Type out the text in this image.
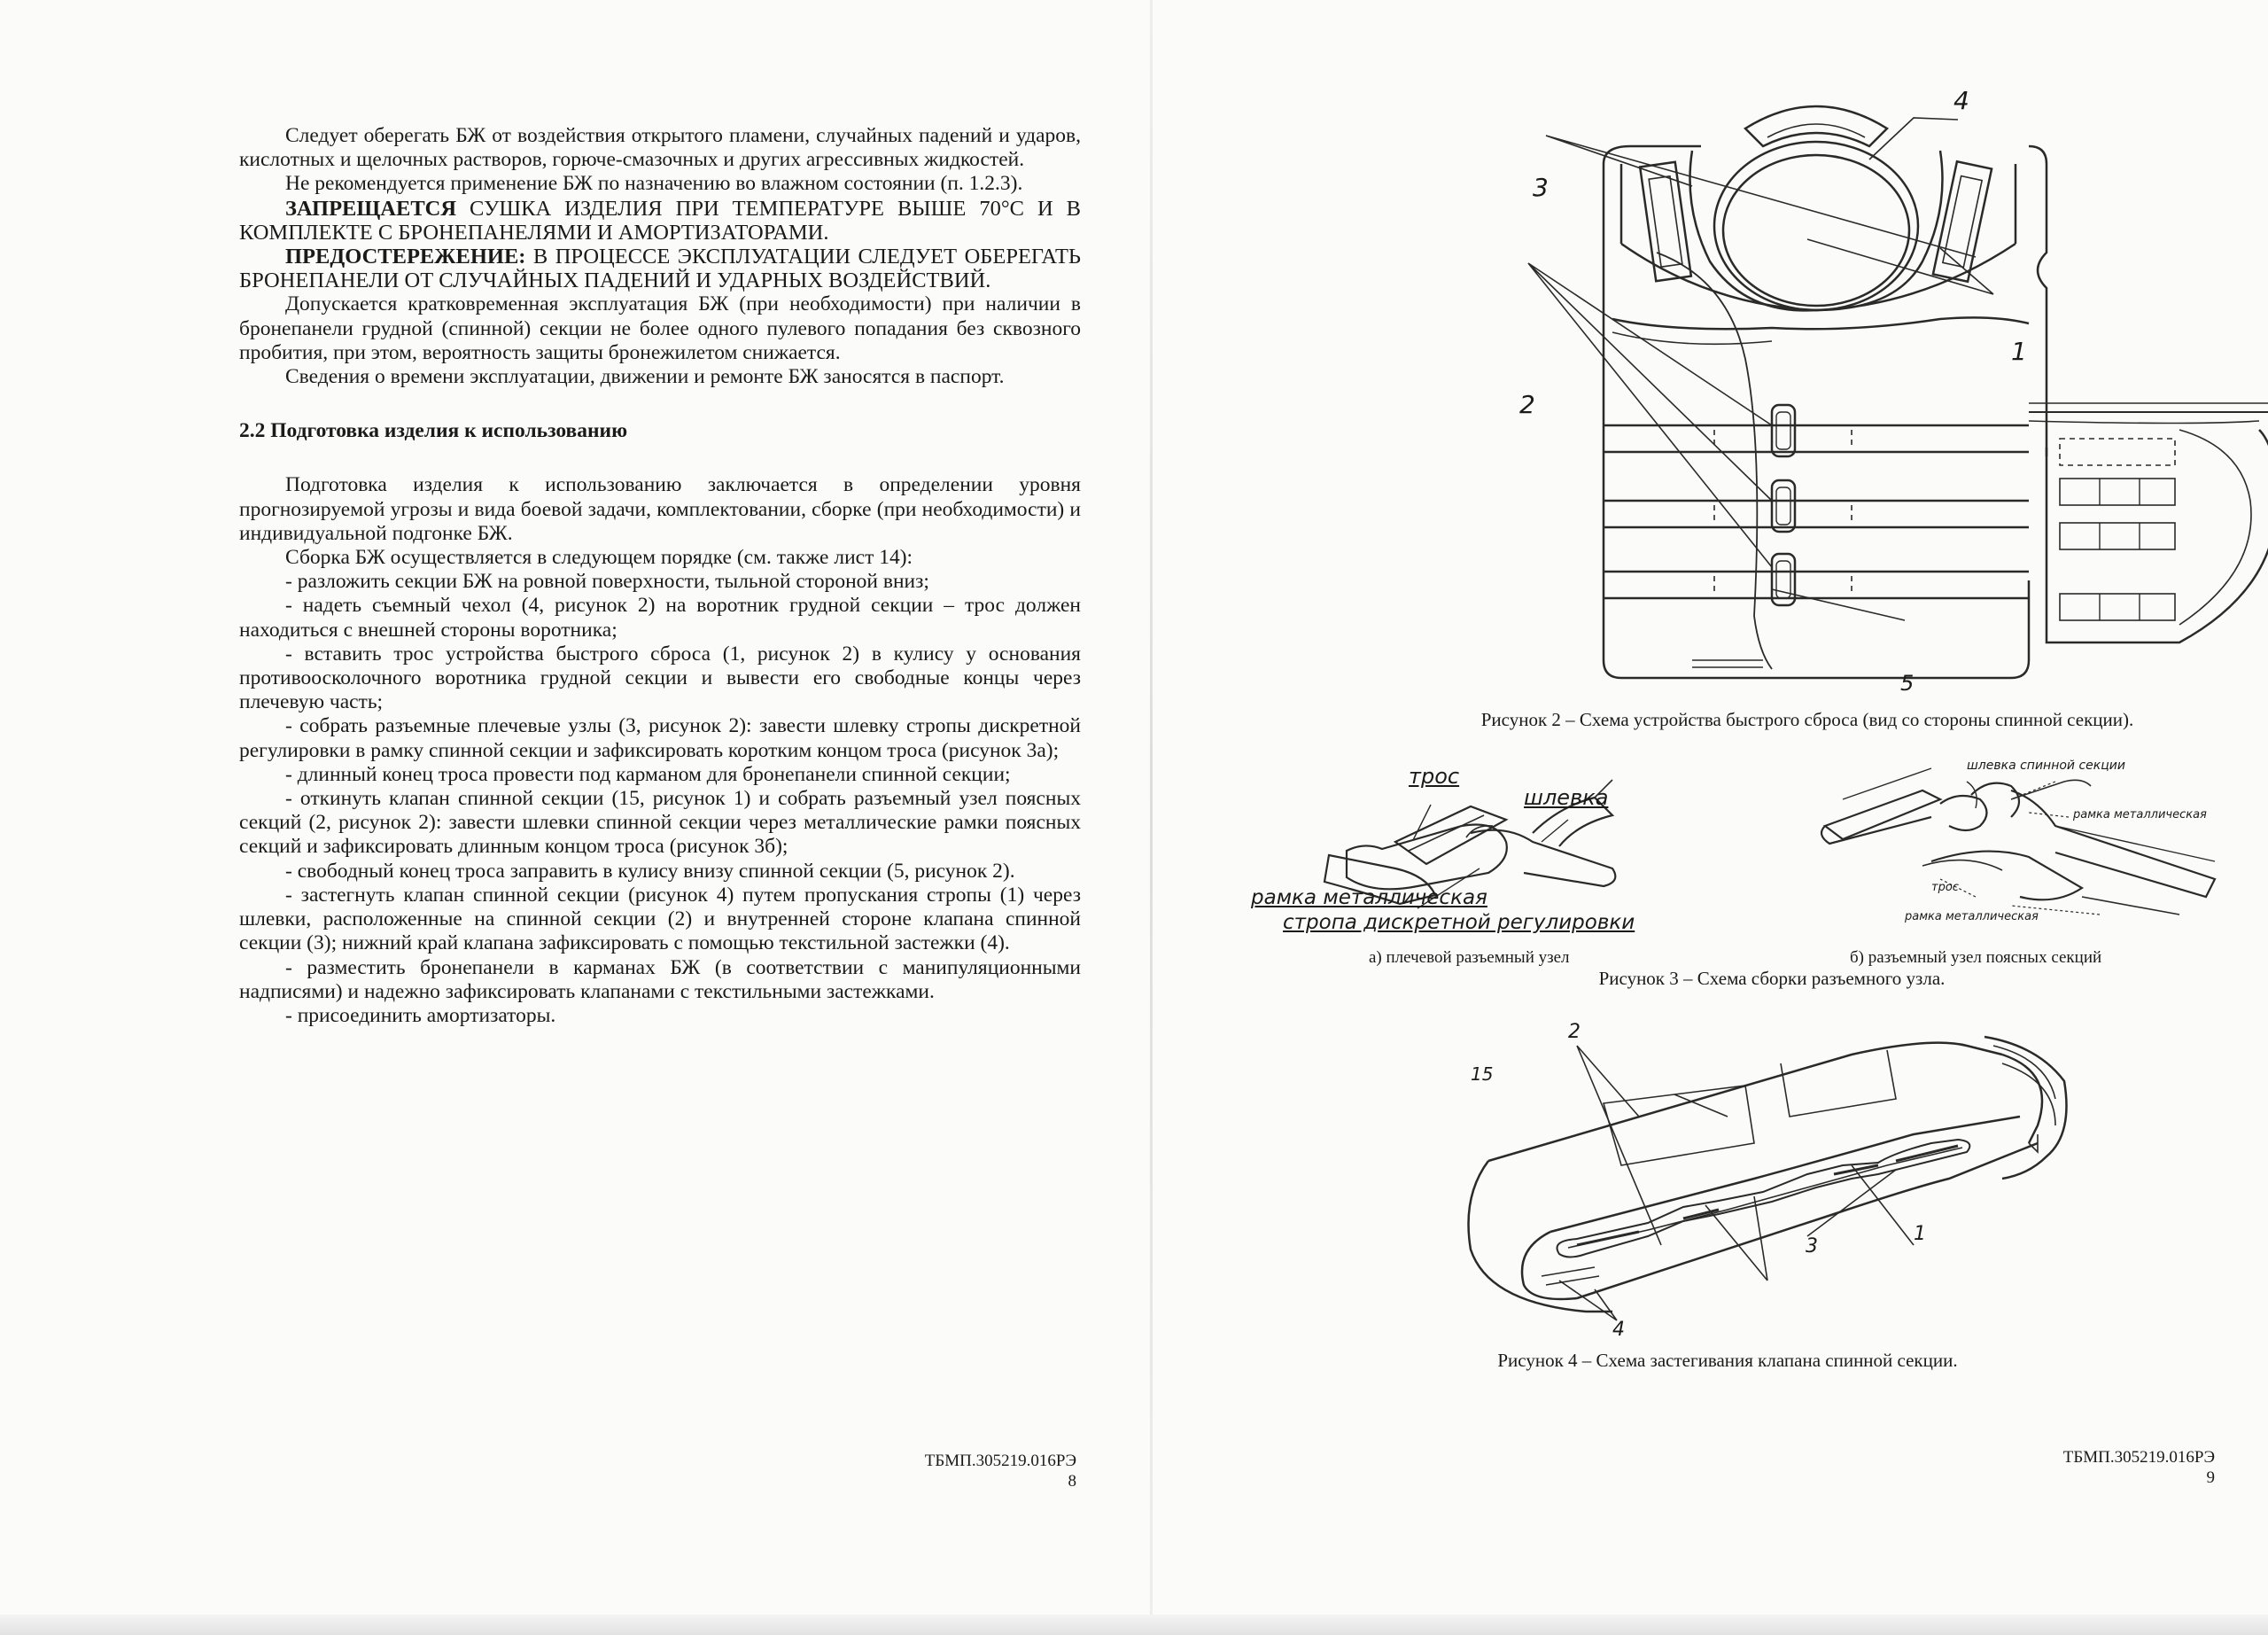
Следует оберегать БЖ от воздействия открытого пламени, случайных падений и ударов, кислотных и щелочных растворов, горюче-смазочных и других агрессивных жидкостей.

Не рекомендуется применение БЖ по назначению во влажном состоянии (п. 1.2.3).

ЗАПРЕЩАЕТСЯ СУШКА ИЗДЕЛИЯ ПРИ ТЕМПЕРАТУРЕ ВЫШЕ 70°С И В КОМПЛЕКТЕ С БРОНЕПАНЕЛЯМИ И АМОРТИЗАТОРАМИ.

ПРЕДОСТЕРЕЖЕНИЕ: В ПРОЦЕССЕ ЭКСПЛУАТАЦИИ СЛЕДУЕТ ОБЕРЕГАТЬ БРОНЕПАНЕЛИ ОТ СЛУЧАЙНЫХ ПАДЕНИЙ И УДАРНЫХ ВОЗДЕЙСТВИЙ.

Допускается кратковременная эксплуатация БЖ (при необходимости) при наличии в бронепанели грудной (спинной) секции не более одного пулевого попадания без сквозного пробития, при этом, вероятность защиты бронежилетом снижается.

Сведения о времени эксплуатации, движении и ремонте БЖ заносятся в паспорт.

2.2 Подготовка изделия к использованию

Подготовка изделия к использованию заключается в определении уровня прогнозируемой угрозы и вида боевой задачи, комплектовании, сборке (при необходимости) и индивидуальной подгонке БЖ.

Сборка БЖ осуществляется в следующем порядке (см. также лист 14):

- разложить секции БЖ на ровной поверхности, тыльной стороной вниз;

- надеть съемный чехол (4, рисунок 2) на воротник грудной секции – трос должен находиться с внешней стороны воротника;

- вставить трос устройства быстрого сброса (1, рисунок 2) в кулису у основания противоосколочного воротника грудной секции и вывести его свободные концы через плечевую часть;

- собрать разъемные плечевые узлы (3, рисунок 2): завести шлевку стропы дискретной регулировки в рамку спинной секции и зафиксировать коротким концом троса (рисунок 3а);

- длинный конец троса провести под карманом для бронепанели спинной секции;

- откинуть клапан спинной секции (15, рисунок 1) и собрать разъемный узел поясных секций (2, рисунок 2): завести шлевки спинной секции через металлические рамки поясных секций и зафиксировать длинным концом троса (рисунок 3б);

- свободный конец троса заправить в кулису внизу спинной секции (5, рисунок 2).

- застегнуть клапан спинной секции (рисунок 4) путем пропускания стропы (1) через шлевки, расположенные на спинной секции (2) и внутренней стороне клапана спинной секции (3); нижний край клапана зафиксировать с помощью текстильной застежки (4).

- разместить бронепанели в карманах БЖ (в соответствии с манипуляционными надписями) и надежно зафиксировать клапанами с текстильными застежками.

- присоединить амортизаторы.

ТБМП.305219.016РЭ
8
4
3
1
2
5
Рисунок 2 – Схема устройства быстрого сброса (вид со стороны спинной секции).
трос
шлевка
рамка металлическая
стропа дискретной регулировки
а) плечевой разъемный узел
шлевка спинной секции
рамка металлическая
трос
рамка металлическая
б) разъемный узел поясных секций
Рисунок 3 – Схема сборки разъемного узла.
2
15
1
3
4
Рисунок 4 – Схема застегивания клапана спинной секции.
ТБМП.305219.016РЭ
9
